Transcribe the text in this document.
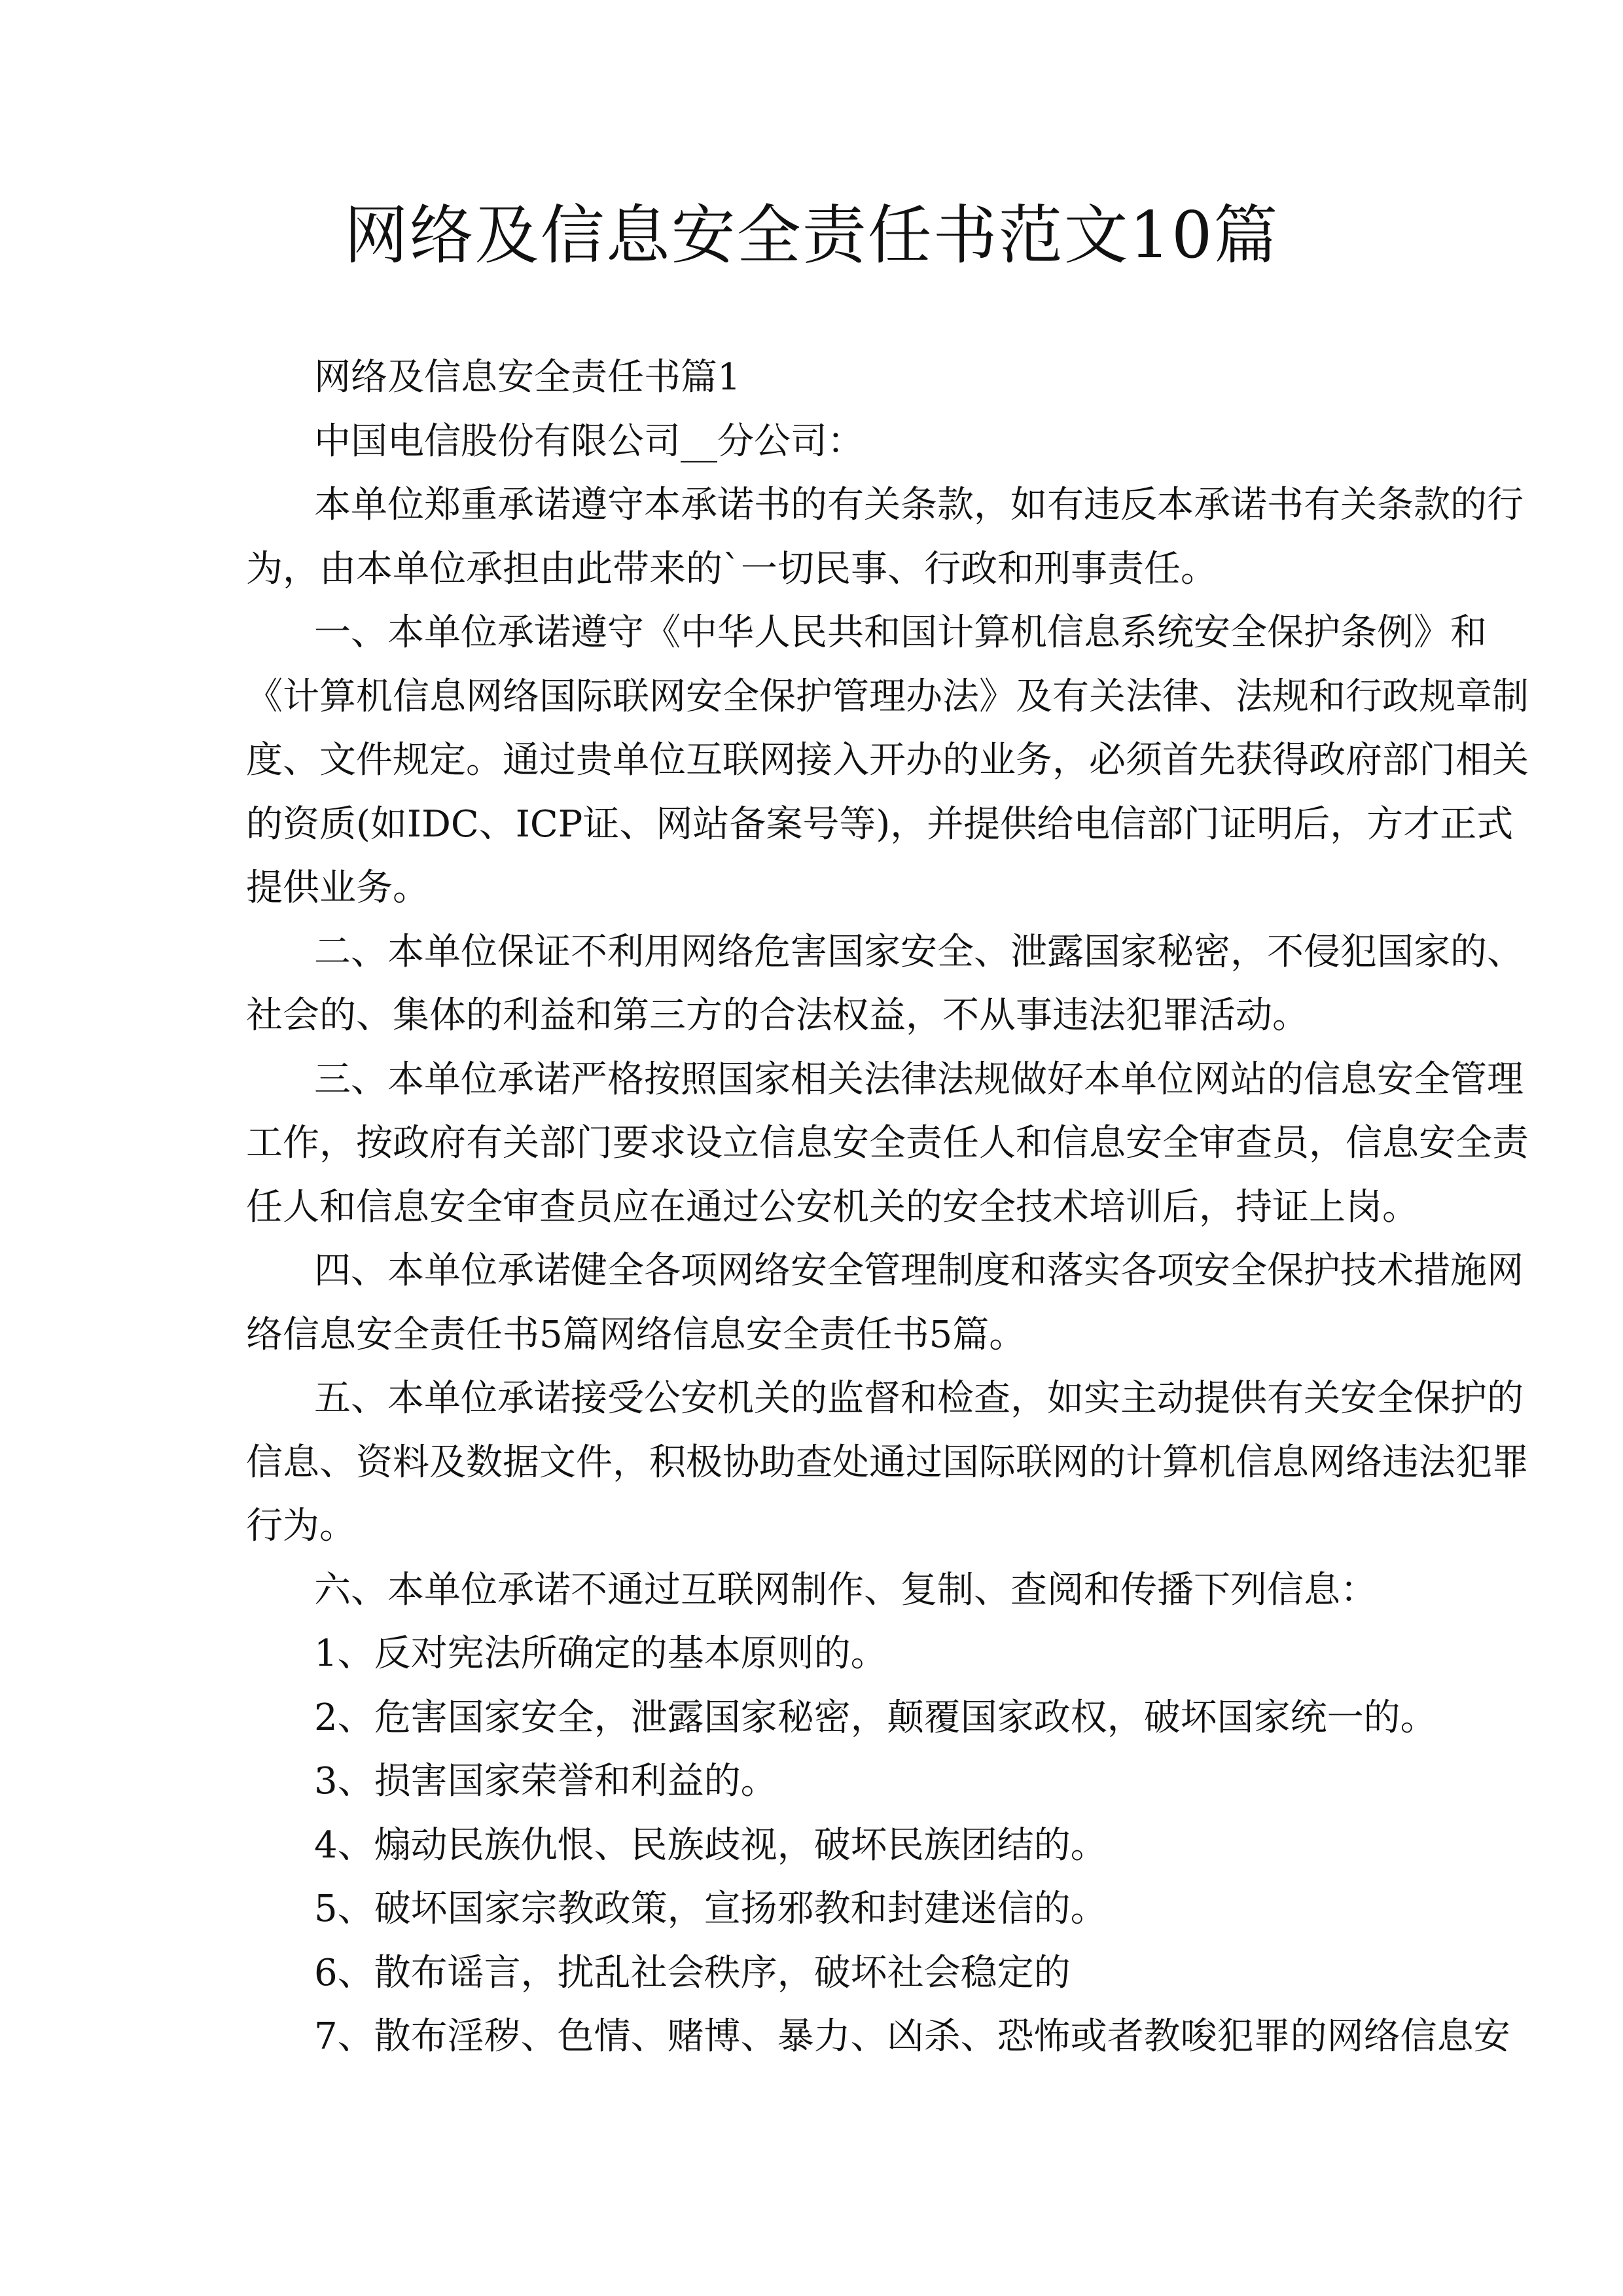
网络及信息安全责任书范文10篇
网络及信息安全责任书篇1
中国电信股份有限公司__分公司：
本单位郑重承诺遵守本承诺书的有关条款，如有违反本承诺书有关条款的行
为，由本单位承担由此带来的`一切民事、行政和刑事责任。
一、本单位承诺遵守《中华人民共和国计算机信息系统安全保护条例》和
《计算机信息网络国际联网安全保护管理办法》及有关法律、法规和行政规章制
度、文件规定。通过贵单位互联网接入开办的业务，必须首先获得政府部门相关
的资质(如IDC、ICP证、网站备案号等)，并提供给电信部门证明后，方才正式
提供业务。
二、本单位保证不利用网络危害国家安全、泄露国家秘密，不侵犯国家的、
社会的、集体的利益和第三方的合法权益，不从事违法犯罪活动。
三、本单位承诺严格按照国家相关法律法规做好本单位网站的信息安全管理
工作，按政府有关部门要求设立信息安全责任人和信息安全审查员，信息安全责
任人和信息安全审查员应在通过公安机关的安全技术培训后，持证上岗。
四、本单位承诺健全各项网络安全管理制度和落实各项安全保护技术措施网
络信息安全责任书5篇网络信息安全责任书5篇。
五、本单位承诺接受公安机关的监督和检查，如实主动提供有关安全保护的
信息、资料及数据文件，积极协助查处通过国际联网的计算机信息网络违法犯罪
行为。
六、本单位承诺不通过互联网制作、复制、查阅和传播下列信息：
1、反对宪法所确定的基本原则的。
2、危害国家安全，泄露国家秘密，颠覆国家政权，破坏国家统一的。
3、损害国家荣誉和利益的。
4、煽动民族仇恨、民族歧视，破坏民族团结的。
5、破坏国家宗教政策，宣扬邪教和封建迷信的。
6、散布谣言，扰乱社会秩序，破坏社会稳定的
7、散布淫秽、色情、赌博、暴力、凶杀、恐怖或者教唆犯罪的网络信息安
